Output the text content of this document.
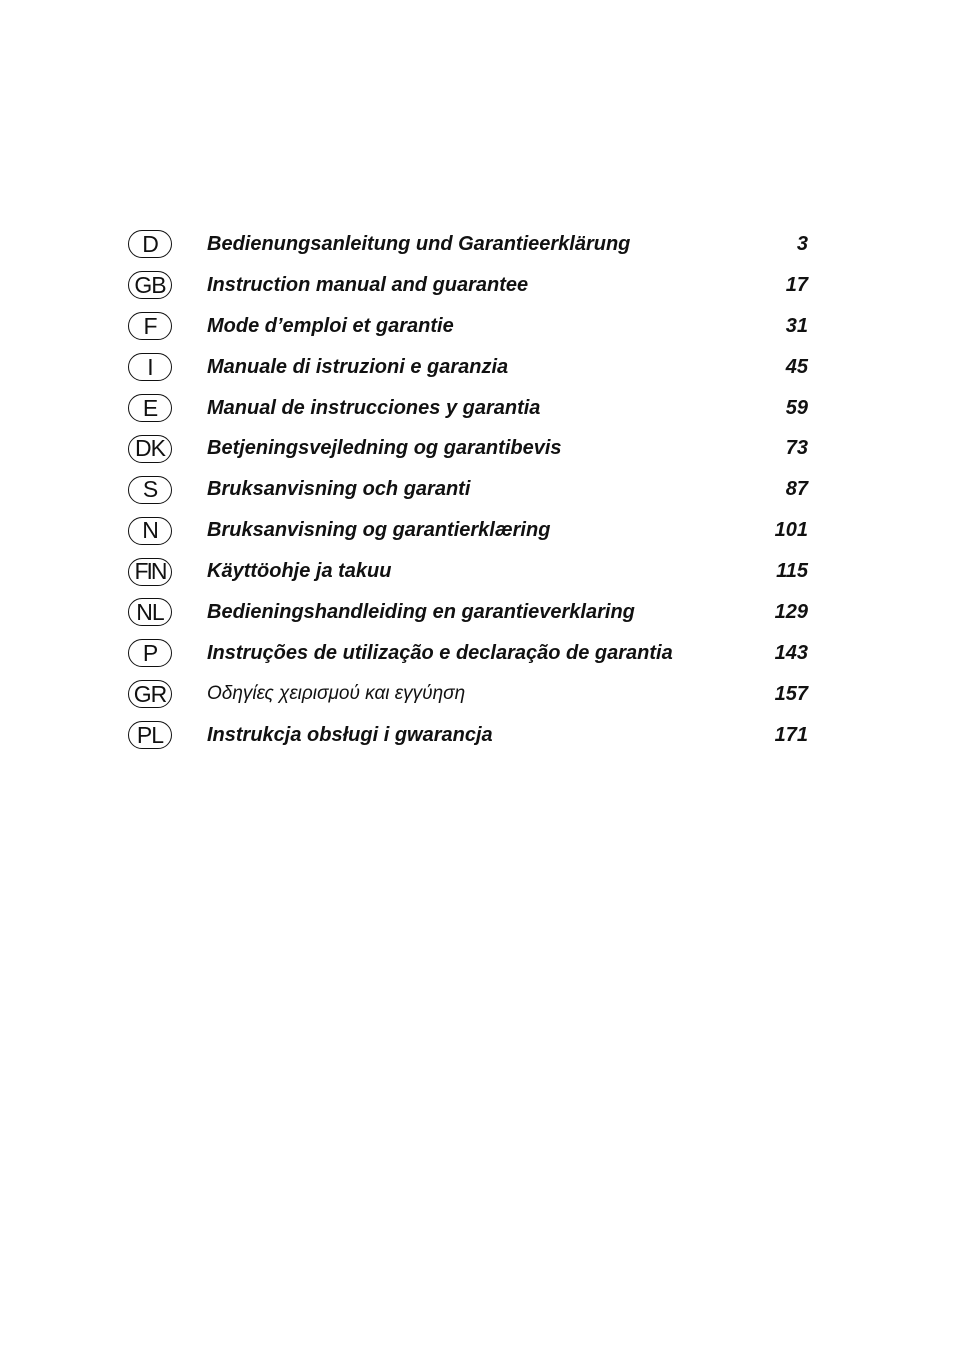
D	Bedienungsanleitung und Garantieerklärung	3
GB	Instruction manual and guarantee	17
F	Mode d’emploi et garantie	31
I	Manuale di istruzioni e garanzia	45
E	Manual de instrucciones y garantia	59
DK	Betjeningsvejledning og garantibevis	73
S	Bruksanvisning och garanti	87
N	Bruksanvisning og garantierklæring	101
FIN	Käyttöohje ja takuu	115
NL	Bedieningshandleiding en garantieverklaring	129
P	Instruções de utilização e declaração de garantia	143
GR	Οδηγίες χειρισμού και εγγύηση	157
PL	Instrukcja obsługi i gwarancja	171
